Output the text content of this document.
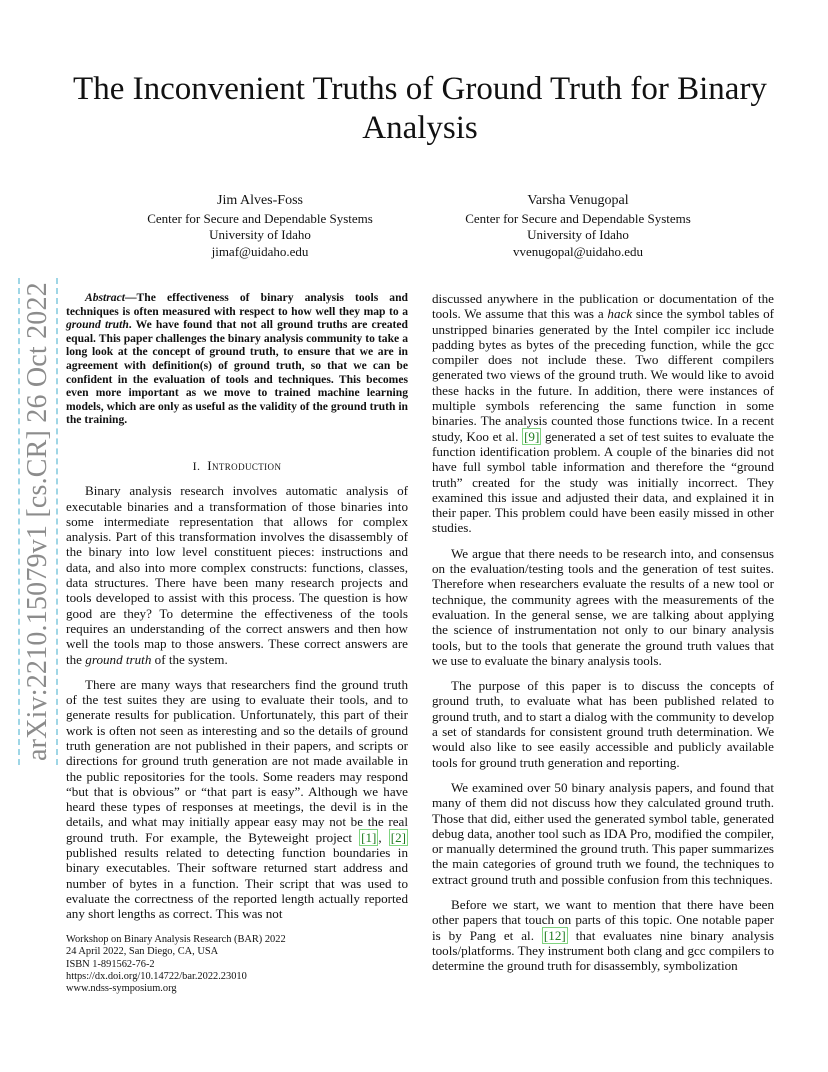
The Inconvenient Truths of Ground Truth for Binary Analysis
Jim Alves-Foss
Center for Secure and Dependable Systems
University of Idaho
jimaf@uidaho.edu
Varsha Venugopal
Center for Secure and Dependable Systems
University of Idaho
vvenugopal@uidaho.edu
arXiv:2210.15079v1 [cs.CR] 26 Oct 2022	Abstract—The effectiveness of binary analysis tools and techniques is often measured with respect to how well they map to a ground truth. We have found that not all ground truths are created equal. This paper challenges the binary analysis community to take a long look at the concept of ground truth, to ensure that we are in agreement with definition(s) of ground truth, so that we can be confident in the evaluation of tools and techniques. This becomes even more important as we move to trained machine learning models, which are only as useful as the validity of the ground truth in the training.

I. Introduction

Binary analysis research involves automatic analysis of executable binaries and a transformation of those binaries into some intermediate representation that allows for complex analysis. Part of this transformation involves the disassembly of the binary into low level constituent pieces: instructions and data, and also into more complex constructs: functions, classes, data structures. There have been many research projects and tools developed to assist with this process. The question is how good are they? To determine the effectiveness of the tools requires an understanding of the correct answers and then how well the tools map to those answers. These correct answers are the ground truth of the system.

There are many ways that researchers find the ground truth of the test suites they are using to evaluate their tools, and to generate results for publication. Unfortunately, this part of their work is often not seen as interesting and so the details of ground truth generation are not published in their papers, and scripts or directions for ground truth generation are not made available in the public repositories for the tools. Some readers may respond “but that is obvious” or “that part is easy”. Although we have heard these types of responses at meetings, the devil is in the details, and what may initially appear easy may not be the real ground truth. For example, the Byteweight project [1] , [2] published results related to detecting function boundaries in binary executables. Their software returned start address and number of bytes in a function. Their script that was used to evaluate the correctness of the reported length actually reported any short lengths as correct. This was not

discussed anywhere in the publication or documentation of the tools. We assume that this was a hack since the symbol tables of unstripped binaries generated by the Intel compiler icc include padding bytes as bytes of the preceding function, while the gcc compiler does not include these. Two different compilers generated two views of the ground truth. We would like to avoid these hacks in the future. In addition, there were instances of multiple symbols referencing the same function in some binaries. The analysis counted those functions twice. In a recent study, Koo et al. [9] generated a set of test suites to evaluate the function identification problem. A couple of the binaries did not have full symbol table information and therefore the “ground truth” created for the study was initially incorrect. They examined this issue and adjusted their data, and explained it in their paper. This problem could have been easily missed in other studies.

We argue that there needs to be research into, and consensus on the evaluation/testing tools and the generation of test suites. Therefore when researchers evaluate the results of a new tool or technique, the community agrees with the measurements of the evaluation. In the general sense, we are talking about applying the science of instrumentation not only to our binary analysis tools, but to the tools that generate the ground truth values that we use to evaluate the binary analysis tools.

The purpose of this paper is to discuss the concepts of ground truth, to evaluate what has been published related to ground truth, and to start a dialog with the community to develop a set of standards for consistent ground truth determination. We would also like to see easily accessible and publicly available tools for ground truth generation and reporting.

We examined over 50 binary analysis papers, and found that many of them did not discuss how they calculated ground truth. Those that did, either used the generated symbol table, generated debug data, another tool such as IDA Pro, modified the compiler, or manually determined the ground truth. This paper summarizes the main categories of ground truth we found, the techniques to extract ground truth and possible confusion from this techniques.

Before we start, we want to mention that there have been other papers that touch on parts of this topic. One notable paper is by Pang et al. [12] that evaluates nine binary analysis tools/platforms. They instrument both clang and gcc compilers to determine the ground truth for disassembly, symbolization

Workshop on Binary Analysis Research (BAR) 2022
24 April 2022, San Diego, CA, USA
ISBN 1-891562-76-2
https://dx.doi.org/10.14722/bar.2022.23010
www.ndss-symposium.org
